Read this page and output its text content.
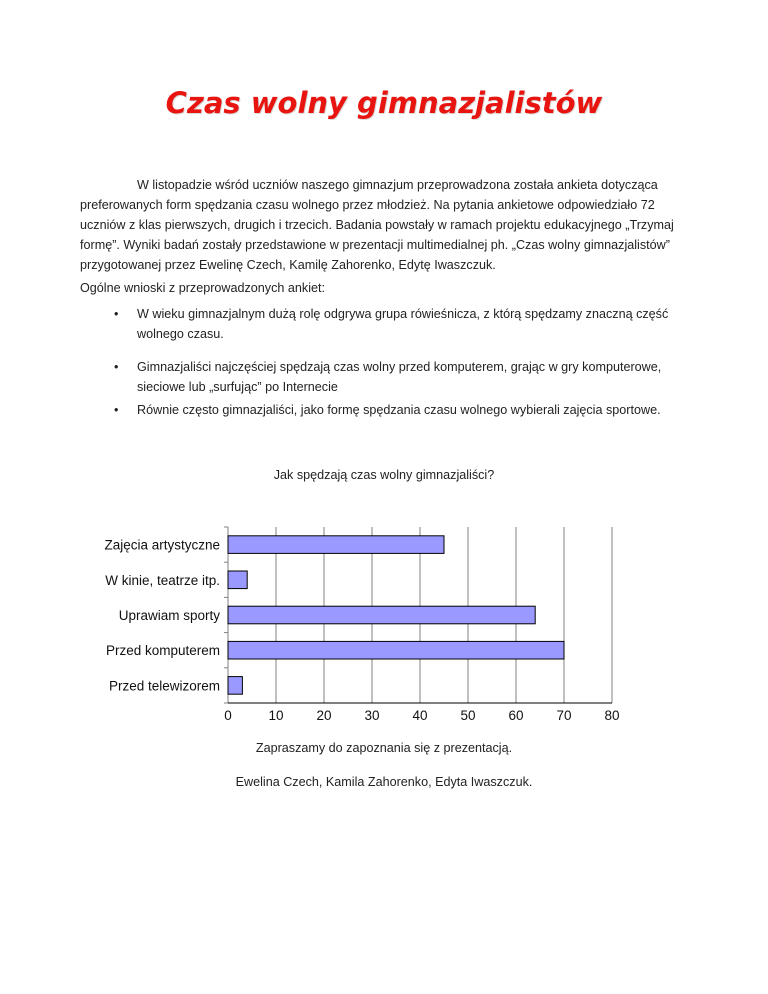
Czas wolny gimnazjalistów

W listopadzie wśród uczniów naszego gimnazjum przeprowadzona została ankieta dotycząca preferowanych form spędzania czasu wolnego przez młodzież. Na pytania ankietowe odpowiedziało 72 uczniów z klas pierwszych, drugich i trzecich. Badania powstały w ramach projektu edukacyjnego „Trzymaj formę”. Wyniki badań zostały przedstawione w prezentacji multimedialnej ph. „Czas wolny gimnazjalistów” przygotowanej przez Ewelinę Czech, Kamilę Zahorenko, Edytę Iwaszczuk.

Ogólne wnioski z przeprowadzonych ankiet:

•	W wieku gimnazjalnym dużą rolę odgrywa grupa rówieśnicza, z którą spędzamy znaczną część wolnego czasu.
•	Gimnazjaliści najczęściej spędzają czas wolny przed komputerem, grając w gry komputerowe, sieciowe lub „surfując” po Internecie
•	Równie często gimnazjaliści, jako formę spędzania czasu wolnego wybierali zajęcia sportowe.
Jak spędzają czas wolny gimnazjaliści?
Zajęcia artystyczne
W kinie, teatrze itp.
Uprawiam sporty
Przed komputerem
Przed telewizorem
0	10 20 30 40 50 60 70 80

Zapraszamy do zapoznania się z prezentacją.

Ewelina Czech, Kamila Zahorenko, Edyta Iwaszczuk.
